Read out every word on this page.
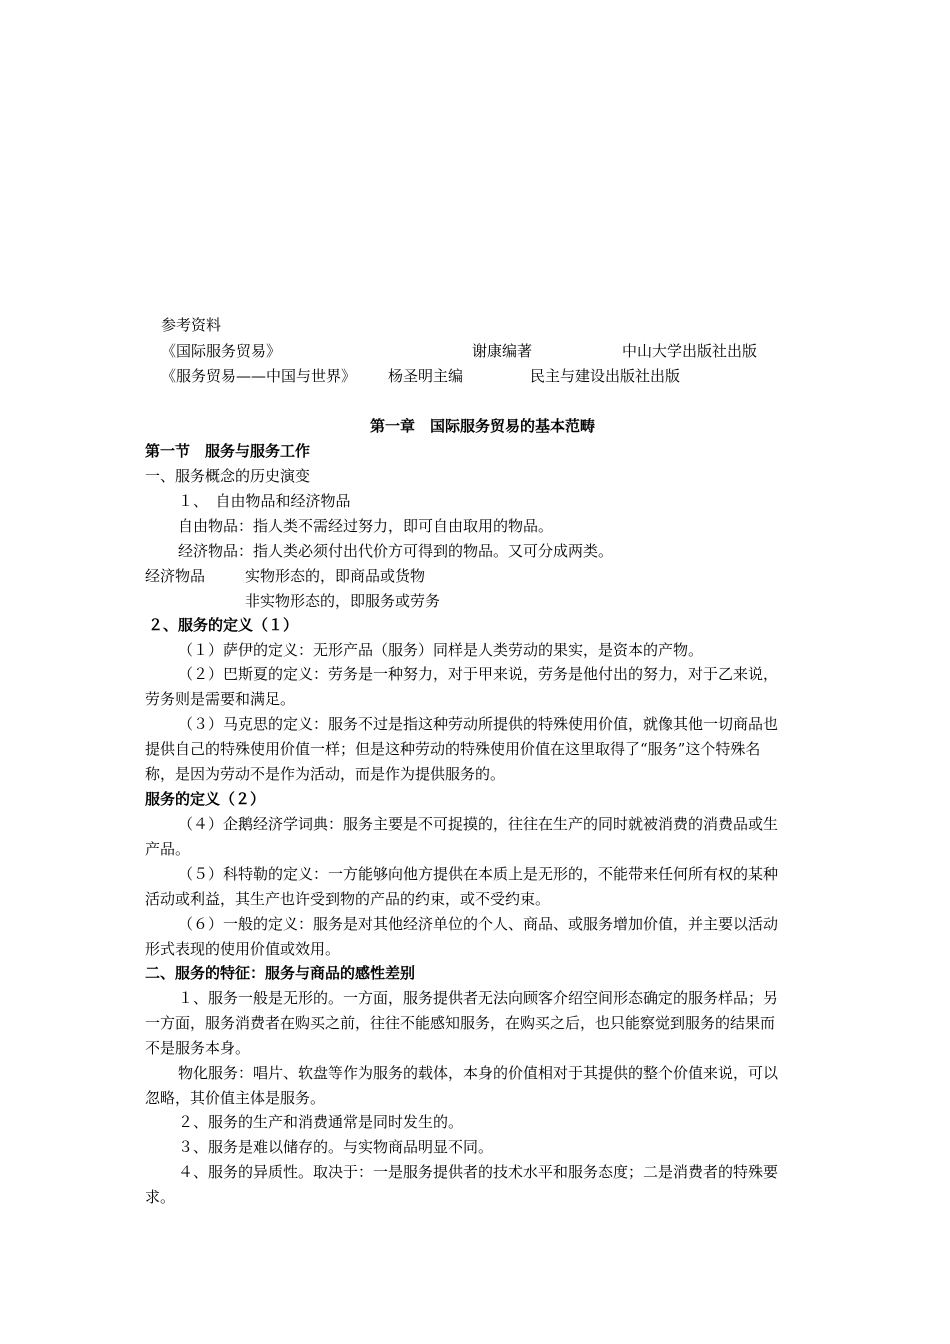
参考资料
《国际服务贸易》	谢康编著	中山大学出版社出版
《服务贸易——中国与世界》 杨圣明主编	民主与建设出版社出版
第一章　国际服务贸易的基本范畴
第一节　服务与服务工作
一、服务概念的历史演变
１、　自由物品和经济物品
自由物品：指人类不需经过努力，即可自由取用的物品。
经济物品：指人类必须付出代价方可得到的物品。又可分成两类。
经济物品	实物形态的，即商品或货物
非实物形态的，即服务或劳务
２、服务的定义（１）
（１）萨伊的定义：无形产品（服务）同样是人类劳动的果实，是资本的产物。
（２）巴斯夏的定义：劳务是一种努力，对于甲来说，劳务是他付出的努力，对于乙来说，
劳务则是需要和满足。
（３）马克思的定义：服务不过是指这种劳动所提供的特殊使用价值，就像其他一切商品也
提供自己的特殊使用价值一样；但是这种劳动的特殊使用价值在这里取得了“服务”这个特殊名
称，是因为劳动不是作为活动，而是作为提供服务的。
服务的定义（２）
（４）企鹅经济学词典：服务主要是不可捉摸的，往往在生产的同时就被消费的消费品或生
产品。
（５）科特勒的定义：一方能够向他方提供在本质上是无形的，不能带来任何所有权的某种
活动或利益，其生产也许受到物的产品的约束，或不受约束。
（６）一般的定义：服务是对其他经济单位的个人、商品、或服务增加价值，并主要以活动
形式表现的使用价值或效用。
二、服务的特征：服务与商品的感性差别
１、服务一般是无形的。一方面，服务提供者无法向顾客介绍空间形态确定的服务样品；另
一方面，服务消费者在购买之前，往往不能感知服务，在购买之后，也只能察觉到服务的结果而
不是服务本身。
物化服务：唱片、软盘等作为服务的载体，本身的价值相对于其提供的整个价值来说，可以
忽略，其价值主体是服务。
２、服务的生产和消费通常是同时发生的。
３、服务是难以储存的。与实物商品明显不同。
４、服务的异质性。取决于：一是服务提供者的技术水平和服务态度；二是消费者的特殊要
求。
